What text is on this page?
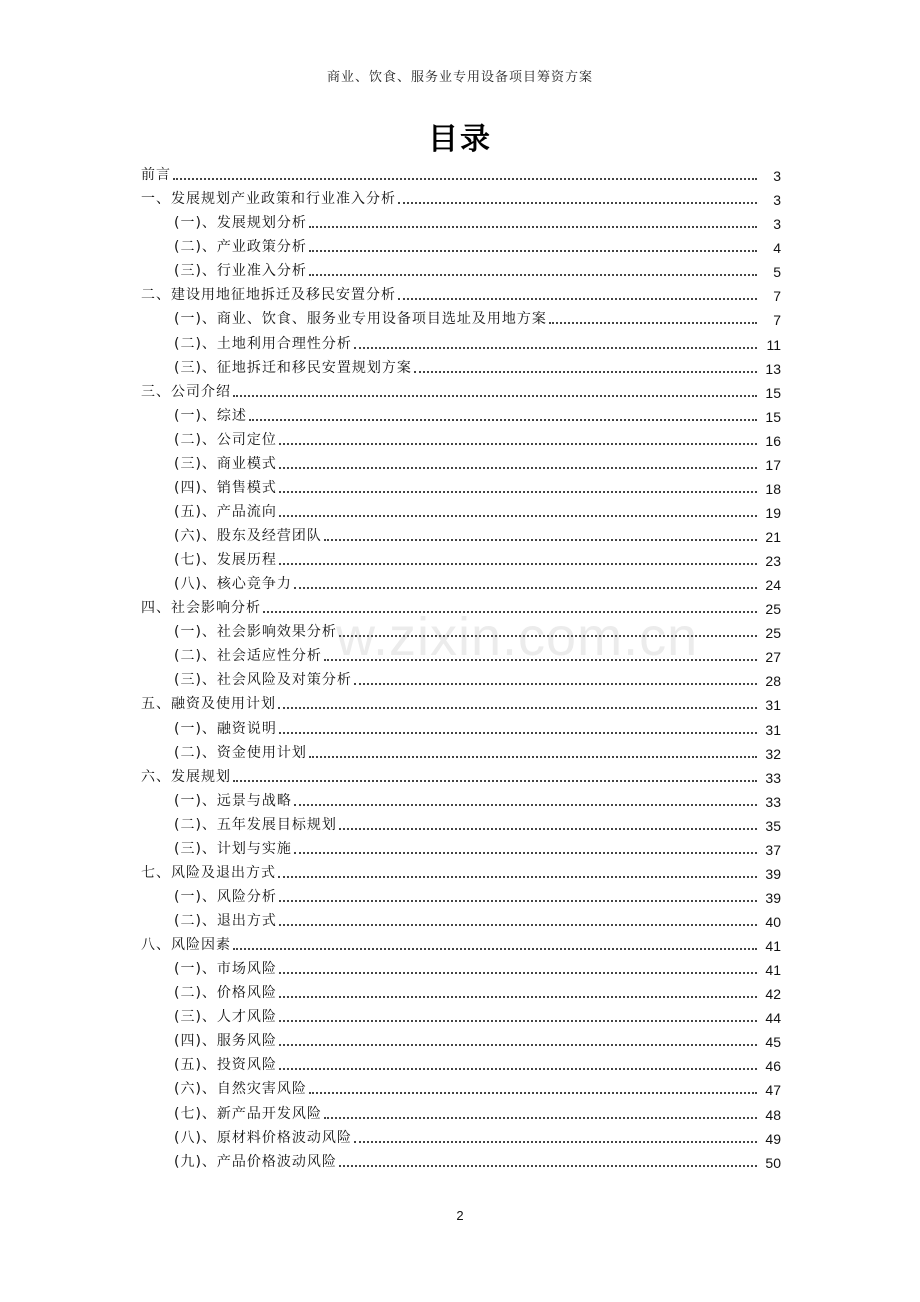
商业、饮食、服务业专用设备项目筹资方案
目录
前言	3
一、发展规划产业政策和行业准入分析	3
(一)、发展规划分析	3
(二)、产业政策分析	4
(三)、行业准入分析	5
二、建设用地征地拆迁及移民安置分析	7
(一)、商业、饮食、服务业专用设备项目选址及用地方案	7
(二)、土地利用合理性分析	11
(三)、征地拆迁和移民安置规划方案	13
三、公司介绍	15
(一)、综述	15
(二)、公司定位	16
(三)、商业模式	17
(四)、销售模式	18
(五)、产品流向	19
(六)、股东及经营团队	21
(七)、发展历程	23
(八)、核心竞争力	24
四、社会影响分析	25
(一)、社会影响效果分析	25
(二)、社会适应性分析	27
(三)、社会风险及对策分析	28
五、融资及使用计划	31
(一)、融资说明	31
(二)、资金使用计划	32
六、发展规划	33
(一)、远景与战略	33
(二)、五年发展目标规划	35
(三)、计划与实施	37
七、风险及退出方式	39
(一)、风险分析	39
(二)、退出方式	40
八、风险因素	41
(一)、市场风险	41
(二)、价格风险	42
(三)、人才风险	44
(四)、服务风险	45
(五)、投资风险	46
(六)、自然灾害风险	47
(七)、新产品开发风险	48
(八)、原材料价格波动风险	49
(九)、产品价格波动风险	50
w.zixin.com.cn
2
